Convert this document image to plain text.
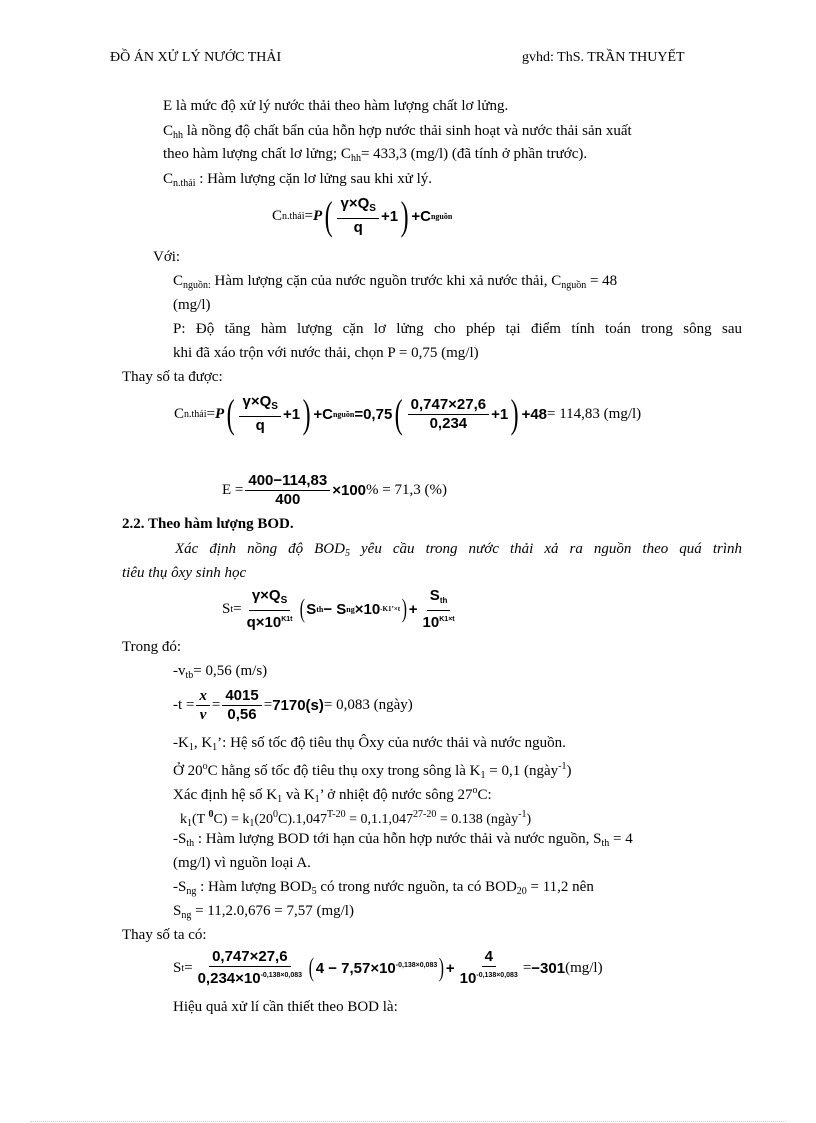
ĐỒ ÁN XỬ LÝ NƯỚC THẢI	gvhd: ThS. TRẦN THUYẾT
E là mức độ xử lý nước thải theo hàm lượng chất lơ lửng.
$C_{hh}$ là nồng độ chất bẩn của hỗn hợp nước thải sinh hoạt và nước thải sản xuất
theo hàm lượng chất lơ lửng; $C_{hh}= 433,3$ (mg/l) (đã tính ở phần trước).
$C_{n.thải}$ : Hàm lượng cặn lơ lửng sau khi xử lý.
C n.thải = P ( $\frac{\gamma\times Q_S}{q} +1$ ) +C nguồn
Với:
$C_{nguồn:}$ Hàm lượng cặn của nước nguồn trước khi xả nước thải, $C_{nguồn} = 48$
(mg/l)
P: Độ tăng hàm lượng cặn lơ lửng cho phép tại điểm tính toán trong sông sau
khi đã xáo trộn với nước thải, chọn P = 0,75 (mg/l)
Thay số ta được:
C n.thải = P ( $\frac{\gamma\times Q_S}{q} +1$ ) +C nguồn =0,75 ( $\frac{0,747\times 27,6}{0,234} +1$ ) +48 = 114,83 (mg/l)
$E = \frac{400-114,83}{400} \times 100$ % = 71,3 (%)
2.2. Theo hàm lượng BOD.
Xác định nồng độ $BOD_5$ yêu cầu trong nước thải xả ra nguồn theo quá trình
tiêu thụ ôxy sinh học
S $t = \frac{\gamma\times Q_S}{q\times 10^{K1t}}$ ( S th − S ng ×10 -K 1 ’×t ) + $\frac{S_{th}}{10^{K1\times t}}$
Trong đó:
$-v_{tb}= 0,56$ (m/s)
$-t = \frac{x}{v} = \frac{4015}{0,56} = 7170(s) = 0,083$ (ngày)
$-K_1$, $K_1$’: Hệ số tốc độ tiêu thụ Ôxy của nước thải và nước nguồn.
Ở 20$^o$C hằng số tốc độ tiêu thụ oxy trong sông là $K_1 = 0,1$ (ngày$^{-1}$)
Xác định hệ số $K_1$ và $K_1$’ ở nhiệt độ nước sông 27$^o$C:
$k_1(T$ $^0C) = k_1(20^0C).1,047^{T-20} = 0,1.1,047^{27-20} = 0.138$ (ngày$^{-1}$)
$-S_{th}$ : Hàm lượng BOD tới hạn của hỗn hợp nước thải và nước nguồn, $S_{th} = 4$
(mg/l) vì nguồn loại A.
$-S_{ng}$ : Hàm lượng $BOD_5$ có trong nước nguồn, ta có $BOD_{20} = 11,2$ nên
$S_{ng} = 11,2.0,676 = 7,57$ (mg/l)
Thay số ta có:
S $t = \frac{0,747\times 27,6}{0,234\times 10^{-0,138\times 0,083}}$ ( $4 - 7,57\times 10^{-0,138\times 0,083}$ ) + $\frac{4}{10^{-0,138\times 0,083}} = -301$ (mg/l)
Hiệu quả xử lí cần thiết theo BOD là:
